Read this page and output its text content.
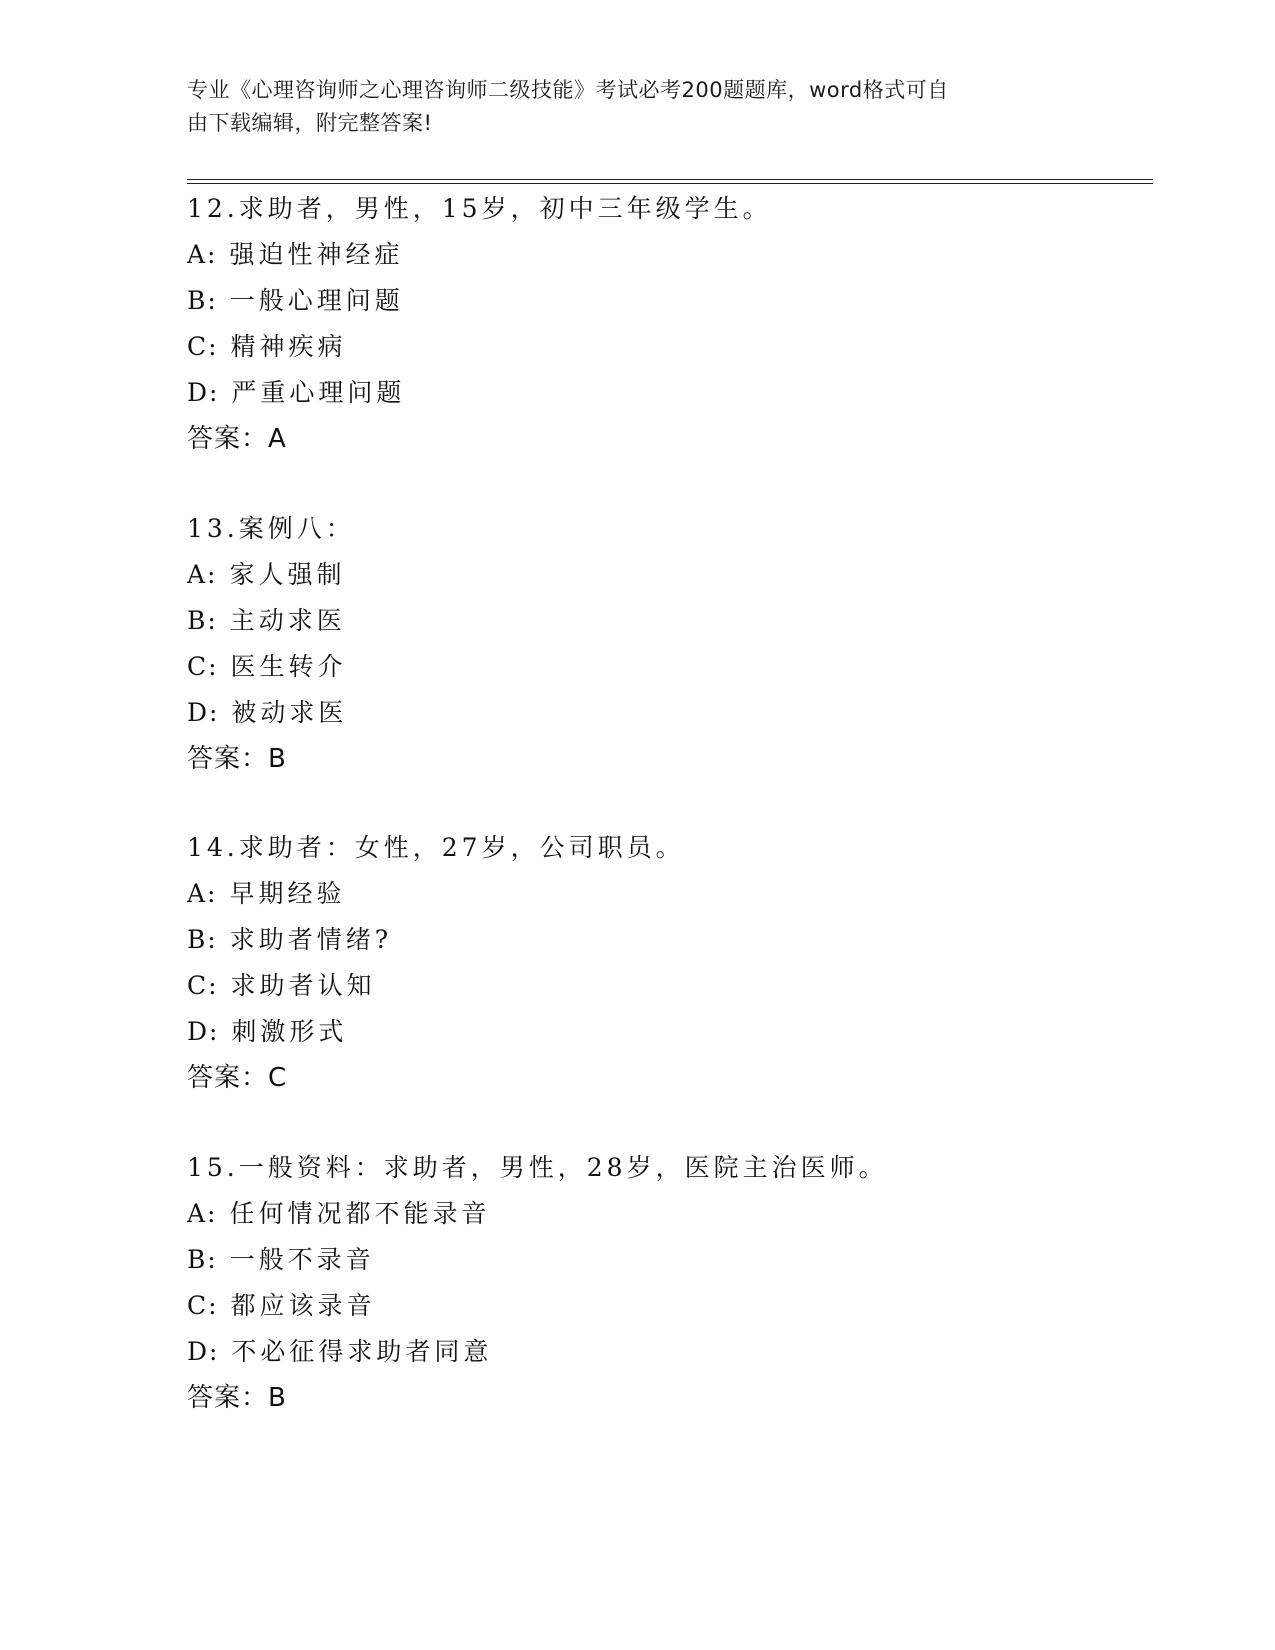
专业《心理咨询师之心理咨询师二级技能》考试必考200题题库，word格式可自
由下载编辑，附完整答案!
12.求助者，男性，15岁，初中三年级学生。
A: 强迫性神经症
B: 一般心理问题
C: 精神疾病
D: 严重心理问题
答案：A
13.案例八：
A: 家人强制
B: 主动求医
C: 医生转介
D: 被动求医
答案：B
14.求助者：女性，27岁，公司职员。
A: 早期经验
B: 求助者情绪?
C: 求助者认知
D: 刺激形式
答案：C
15.一般资料：求助者，男性，28岁，医院主治医师。
A: 任何情况都不能录音
B: 一般不录音
C: 都应该录音
D: 不必征得求助者同意
答案：B
